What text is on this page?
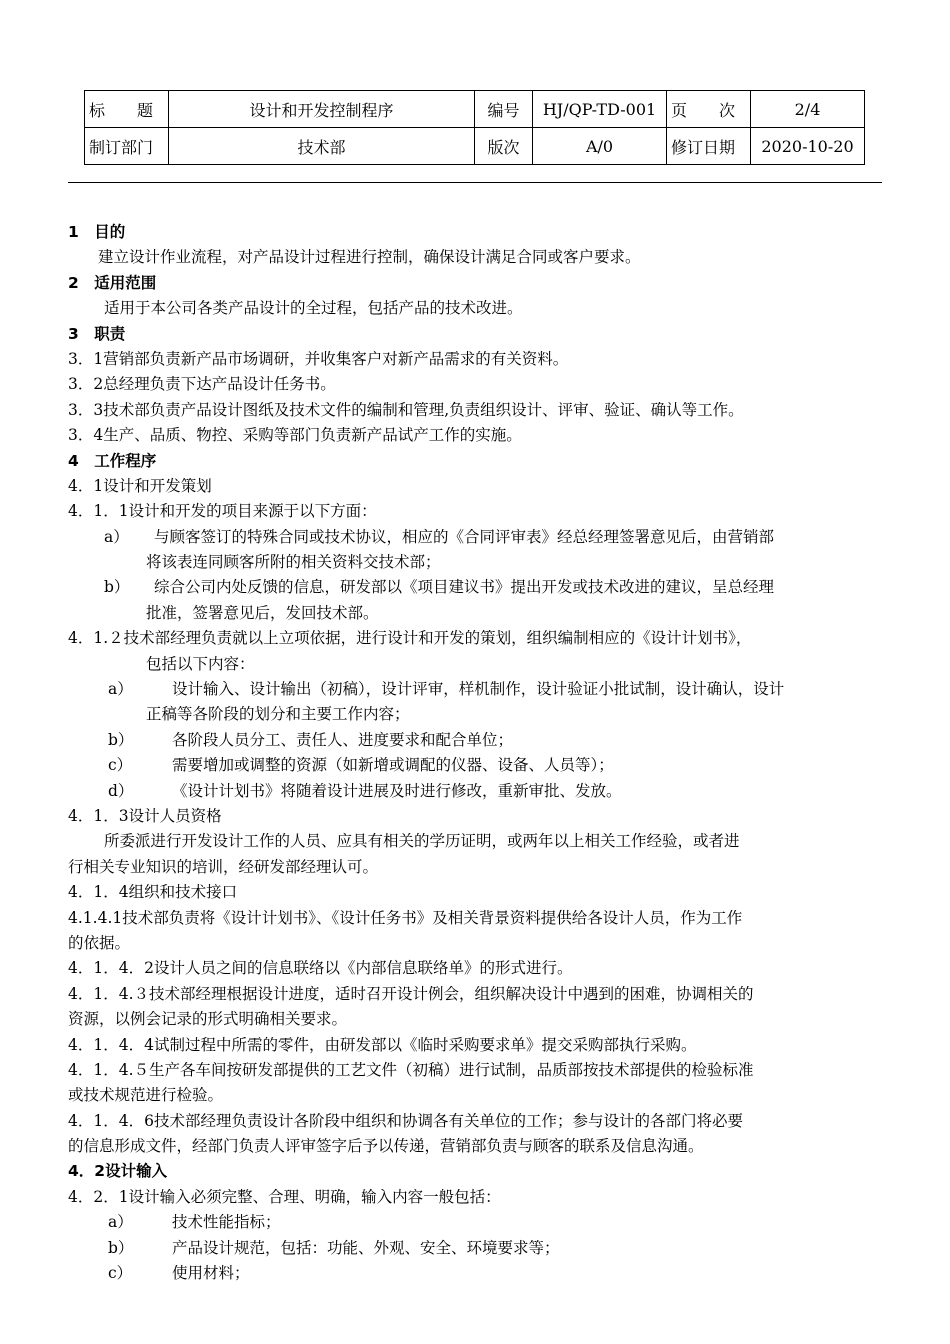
标　　题	设计和开发控制程序	编号	HJ/QP-TD-001	页　　次	2/4
制订部门	技术部	版次	A/0	修订日期	2020-10-20
1　目的
建立设计作业流程，对产品设计过程进行控制，确保设计满足合同或客户要求。
2　适用范围
适用于本公司各类产品设计的全过程，包括产品的技术改进。
3　职责
3．1营销部负责新产品市场调研，并收集客户对新产品需求的有关资料。
3．2总经理负责下达产品设计任务书。
3．3技术部负责产品设计图纸及技术文件的编制和管理,负责组织设计、评审、验证、确认等工作。
3．4生产、品质、物控、采购等部门负责新产品试产工作的实施。
4　工作程序
4．1设计和开发策划
4．1．1设计和开发的项目来源于以下方面：
a）	与顾客签订的特殊合同或技术协议，相应的《合同评审表》经总经理签署意见后，由营销部
将该表连同顾客所附的相关资料交技术部；
b）	综合公司内处反馈的信息，研发部以《项目建议书》提出开发或技术改进的建议，呈总经理
批准，签署意见后，发回技术部。
4．1.２技术部经理负责就以上立项依据，进行设计和开发的策划，组织编制相应的《设计计划书》，
包括以下内容：
a）	设计输入、设计输出（初稿），设计评审，样机制作，设计验证小批试制，设计确认，设计
正稿等各阶段的划分和主要工作内容；
b）	各阶段人员分工、责任人、进度要求和配合单位；
c）	需要增加或调整的资源（如新增或调配的仪器、设备、人员等）；
d）	《设计计划书》将随着设计进展及时进行修改，重新审批、发放。
4．1．3设计人员资格
所委派进行开发设计工作的人员、应具有相关的学历证明，或两年以上相关工作经验，或者进
行相关专业知识的培训，经研发部经理认可。
4．1．4组织和技术接口
4.1.4.1技术部负责将《设计计划书》、《设计任务书》及相关背景资料提供给各设计人员，作为工作
的依据。
4．1．4．2设计人员之间的信息联络以《内部信息联络单》的形式进行。
4．1．4.３技术部经理根据设计进度，适时召开设计例会，组织解决设计中遇到的困难，协调相关的
资源，以例会记录的形式明确相关要求。
4．1．4．4试制过程中所需的零件，由研发部以《临时采购要求单》提交采购部执行采购。
4．1．4.５生产各车间按研发部提供的工艺文件（初稿）进行试制，品质部按技术部提供的检验标准
或技术规范进行检验。
4．1．4．6技术部经理负责设计各阶段中组织和协调各有关单位的工作；参与设计的各部门将必要
的信息形成文件，经部门负责人评审签字后予以传递，营销部负责与顾客的联系及信息沟通。
4．2设计输入
4．2．1设计输入必须完整、合理、明确，输入内容一般包括：
a）	技术性能指标；
b）	产品设计规范，包括：功能、外观、安全、环境要求等；
c）	使用材料；
